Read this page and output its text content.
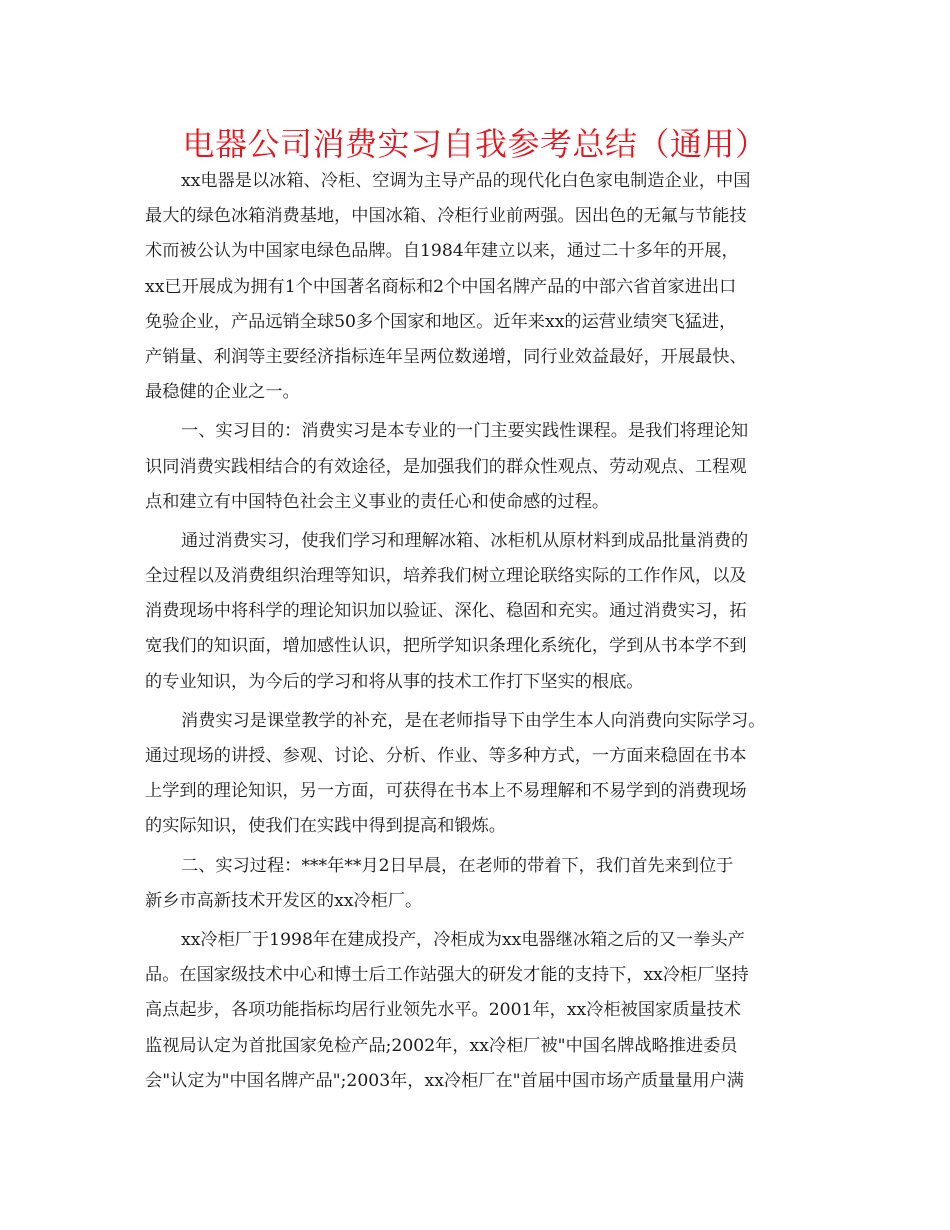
电器公司消费实习自我参考总结（通用）
xx电器是以冰箱、冷柜、空调为主导产品的现代化白色家电制造企业，中国
最大的绿色冰箱消费基地，中国冰箱、冷柜行业前两强。因出色的无氟与节能技
术而被公认为中国家电绿色品牌。自1984年建立以来，通过二十多年的开展，
xx已开展成为拥有1个中国著名商标和2个中国名牌产品的中部六省首家进出口
免验企业，产品远销全球50多个国家和地区。近年来xx的运营业绩突飞猛进，
产销量、利润等主要经济指标连年呈两位数递增，同行业效益最好，开展最快、
最稳健的企业之一。
一、实习目的：消费实习是本专业的一门主要实践性课程。是我们将理论知
识同消费实践相结合的有效途径，是加强我们的群众性观点、劳动观点、工程观
点和建立有中国特色社会主义事业的责任心和使命感的过程。
通过消费实习，使我们学习和理解冰箱、冰柜机从原材料到成品批量消费的
全过程以及消费组织治理等知识，培养我们树立理论联络实际的工作作风，以及
消费现场中将科学的理论知识加以验证、深化、稳固和充实。通过消费实习，拓
宽我们的知识面，增加感性认识，把所学知识条理化系统化，学到从书本学不到
的专业知识，为今后的学习和将从事的技术工作打下坚实的根底。
消费实习是课堂教学的补充，是在老师指导下由学生本人向消费向实际学习。
通过现场的讲授、参观、讨论、分析、作业、等多种方式，一方面来稳固在书本
上学到的理论知识，另一方面，可获得在书本上不易理解和不易学到的消费现场
的实际知识，使我们在实践中得到提高和锻炼。
二、实习过程：***年**月2日早晨，在老师的带着下，我们首先来到位于
新乡市高新技术开发区的xx冷柜厂。
xx冷柜厂于1998年在建成投产，冷柜成为xx电器继冰箱之后的又一拳头产
品。在国家级技术中心和博士后工作站强大的研发才能的支持下，xx冷柜厂坚持
高点起步，各项功能指标均居行业领先水平。2001年，xx冷柜被国家质量技术
监视局认定为首批国家免检产品;2002年，xx冷柜厂被"中国名牌战略推进委员
会"认定为"中国名牌产品";2003年，xx冷柜厂在"首届中国市场产质量量用户满
